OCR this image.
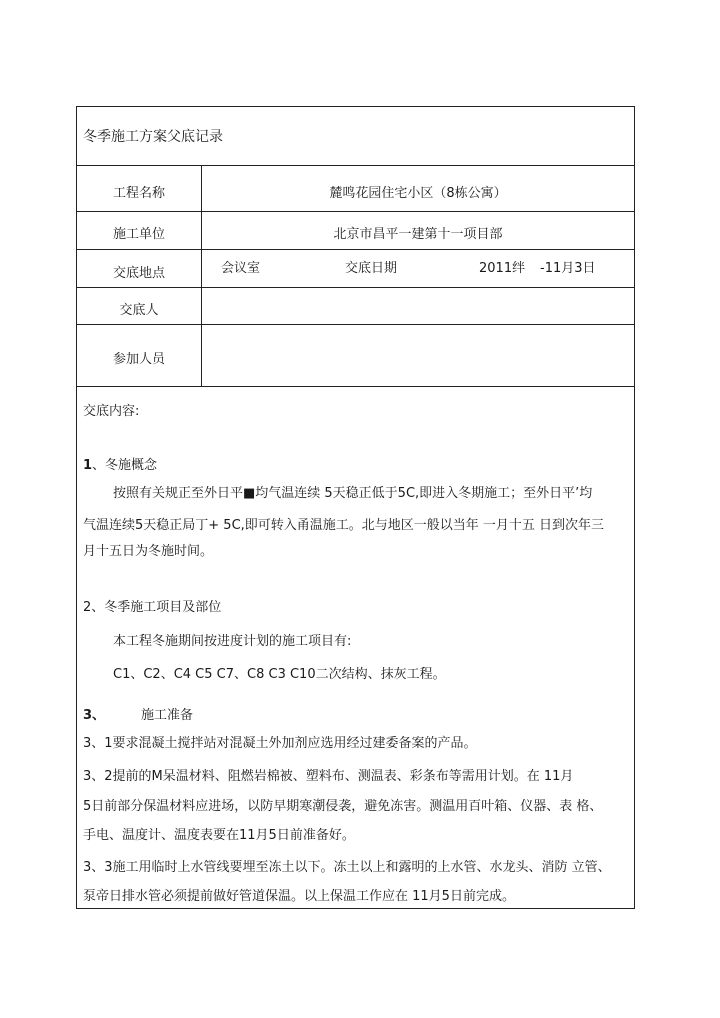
冬季施工方案父底记录
工程名称	麓鸣花园住宅小区（8栋公寓）
施工单位	北京市昌平一建第十一项目部
交底地点	会议室	交底日期	2011绊 -11月3日
交底人
参加人员
交底内容:
1、冬施概念
按照有关规正至外日平■均气温连续 5天稳正低于5C,即进入冬期施工；至外日平’均
气温连续5天稳正局丁+ 5C,即可转入甬温施工。北与地区一般以当年 一月十五 日到次年三
月十五日为冬施时间。
2、冬季施工项目及部位
本工程冬施期间按进度计划的施工项目有:
C1、C2、C4 C5 C7、C8 C3 C10二次结构、抹灰工程。
3、	施工准备
3、1要求混凝土搅拌站对混凝土外加剂应选用经过建委备案的产品。
3、2提前的M呆温材料、阻燃岩棉被、塑料布、测温表、彩条布等需用计划。在 11月
5日前部分保温材料应进场，以防早期寒潮侵袭，避免冻害。测温用百叶箱、仪器、表 格、
手电、温度计、温度表要在11月5日前准备好。
3、3施工用临时上水管线要埋至冻土以下。冻土以上和露明的上水管、水龙头、消防 立管、
泵帝日排水管必须提前做好管道保温。以上保温工作应在 11月5日前完成。
